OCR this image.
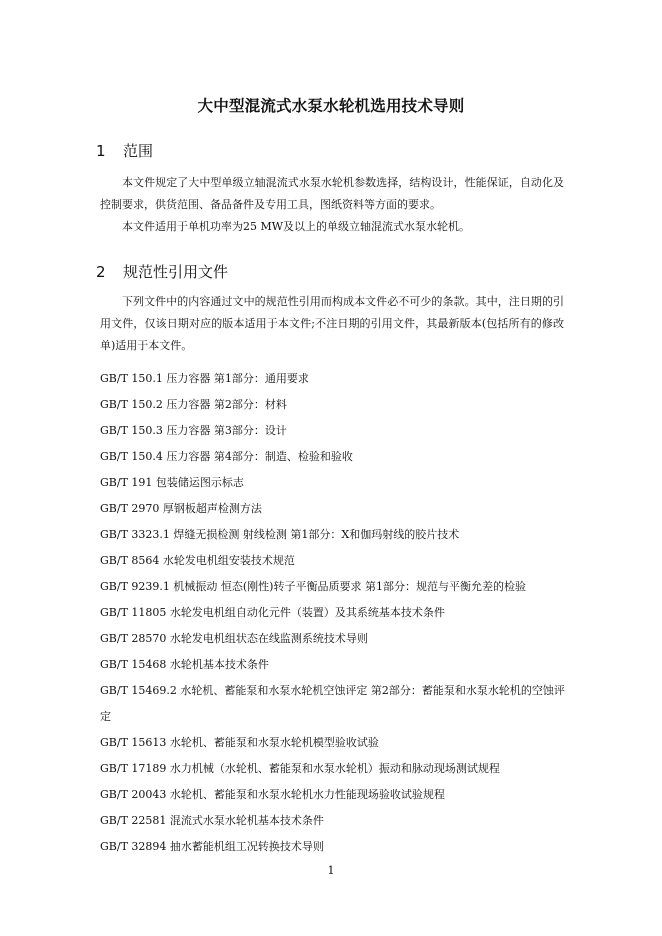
大中型混流式水泵水轮机选用技术导则
1 范围
本文件规定了大中型单级立轴混流式水泵水轮机参数选择，结构设计，性能保证，自动化及控制要求，供货范围、备品备件及专用工具，图纸资料等方面的要求。
本文件适用于单机功率为25 MW及以上的单级立轴混流式水泵水轮机。
2 规范性引用文件
下列文件中的内容通过文中的规范性引用而构成本文件必不可少的条款。其中，注日期的引用文件，仅该日期对应的版本适用于本文件;不注日期的引用文件，其最新版本(包括所有的修改单)适用于本文件。
GB/T 150.1 压力容器 第1部分：通用要求
GB/T 150.2 压力容器 第2部分：材料
GB/T 150.3 压力容器 第3部分：设计
GB/T 150.4 压力容器 第4部分：制造、检验和验收
GB/T 191 包装储运图示标志
GB/T 2970 厚钢板超声检测方法
GB/T 3323.1 焊缝无损检测 射线检测 第1部分：X和伽玛射线的胶片技术
GB/T 8564 水轮发电机组安装技术规范
GB/T 9239.1 机械振动 恒态(刚性)转子平衡品质要求 第1部分：规范与平衡允差的检验
GB/T 11805 水轮发电机组自动化元件（装置）及其系统基本技术条件
GB/T 28570 水轮发电机组状态在线监测系统技术导则
GB/T 15468 水轮机基本技术条件
GB/T 15469.2 水轮机、蓄能泵和水泵水轮机空蚀评定 第2部分：蓄能泵和水泵水轮机的空蚀评定
GB/T 15613 水轮机、蓄能泵和水泵水轮机模型验收试验
GB/T 17189 水力机械（水轮机、蓄能泵和水泵水轮机）振动和脉动现场测试规程
GB/T 20043 水轮机、蓄能泵和水泵水轮机水力性能现场验收试验规程
GB/T 22581 混流式水泵水轮机基本技术条件
GB/T 32894 抽水蓄能机组工况转换技术导则
1
